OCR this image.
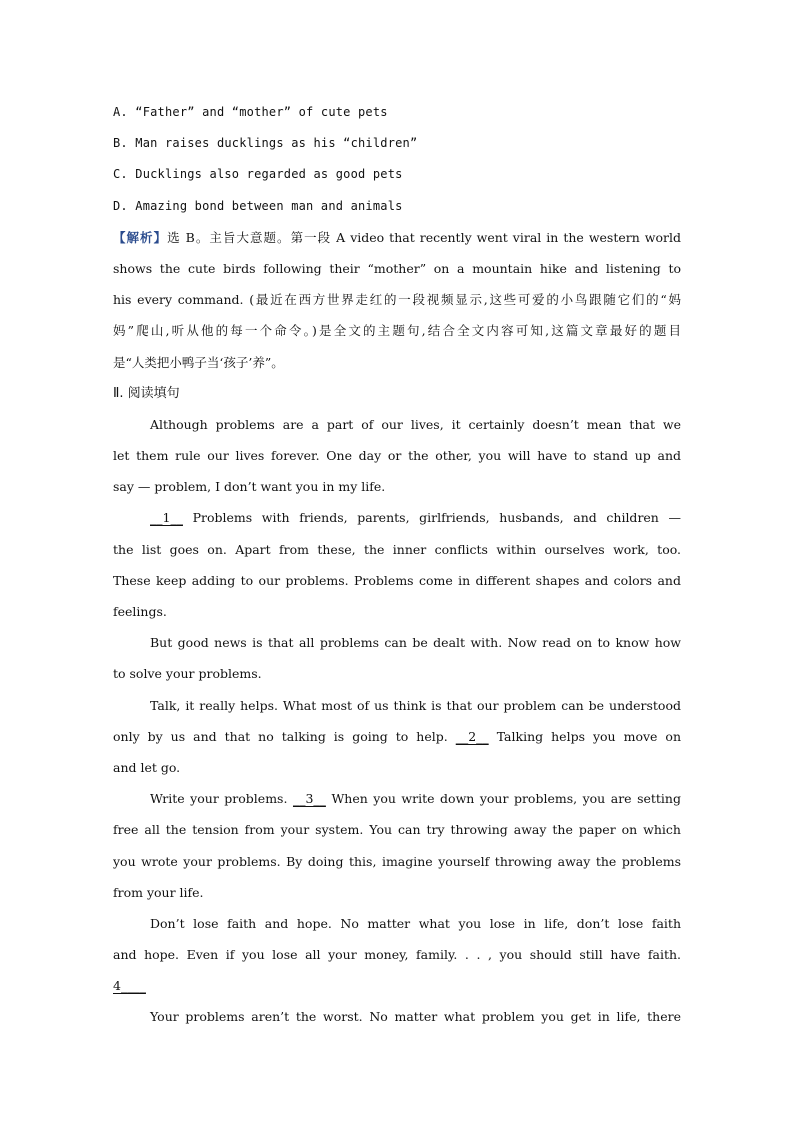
A. “Father” and “mother” of cute pets
B. Man raises ducklings as his “children”
C. Ducklings also regarded as good pets
D. Amazing bond between man and animals
【解析】选 B。主旨大意题。第一段 A video that recently went viral in the western world
shows the cute birds following their “mother” on a mountain hike and listening to
his every command. (最近在西方世界走红的一段视频显示,这些可爱的小鸟跟随它们的“妈
妈”爬山,听从他的每一个命令。)是全文的主题句,结合全文内容可知,这篇文章最好的题目
是“人类把小鸭子当‘孩子’养”。
Ⅱ. 阅读填句
Although problems are a part of our lives, it certainly doesn’t mean that we
let them rule our lives forever. One day or the other, you will have to stand up and
say — problem, I don’t want you in my life.
__1__ Problems with friends, parents, girlfriends, husbands, and children —
the list goes on. Apart from these, the inner conflicts within ourselves work, too.
These keep adding to our problems. Problems come in different shapes and colors and
feelings.
But good news is that all problems can be dealt with. Now read on to know how
to solve your problems.
Talk, it really helps. What most of us think is that our problem can be understood
only by us and that no talking is going to help. __2__ Talking helps you move on
and let go.
Write your problems. __3__ When you write down your problems, you are setting
free all the tension from your system. You can try throwing away the paper on which
you wrote your problems. By doing this, imagine yourself throwing away the problems
from your life.
Don’t lose faith and hope. No matter what you lose in life, don’t lose faith
and hope. Even if you lose all your money, family. . . , you should still have faith.
4____
Your problems aren’t the worst. No matter what problem you get in life, there
